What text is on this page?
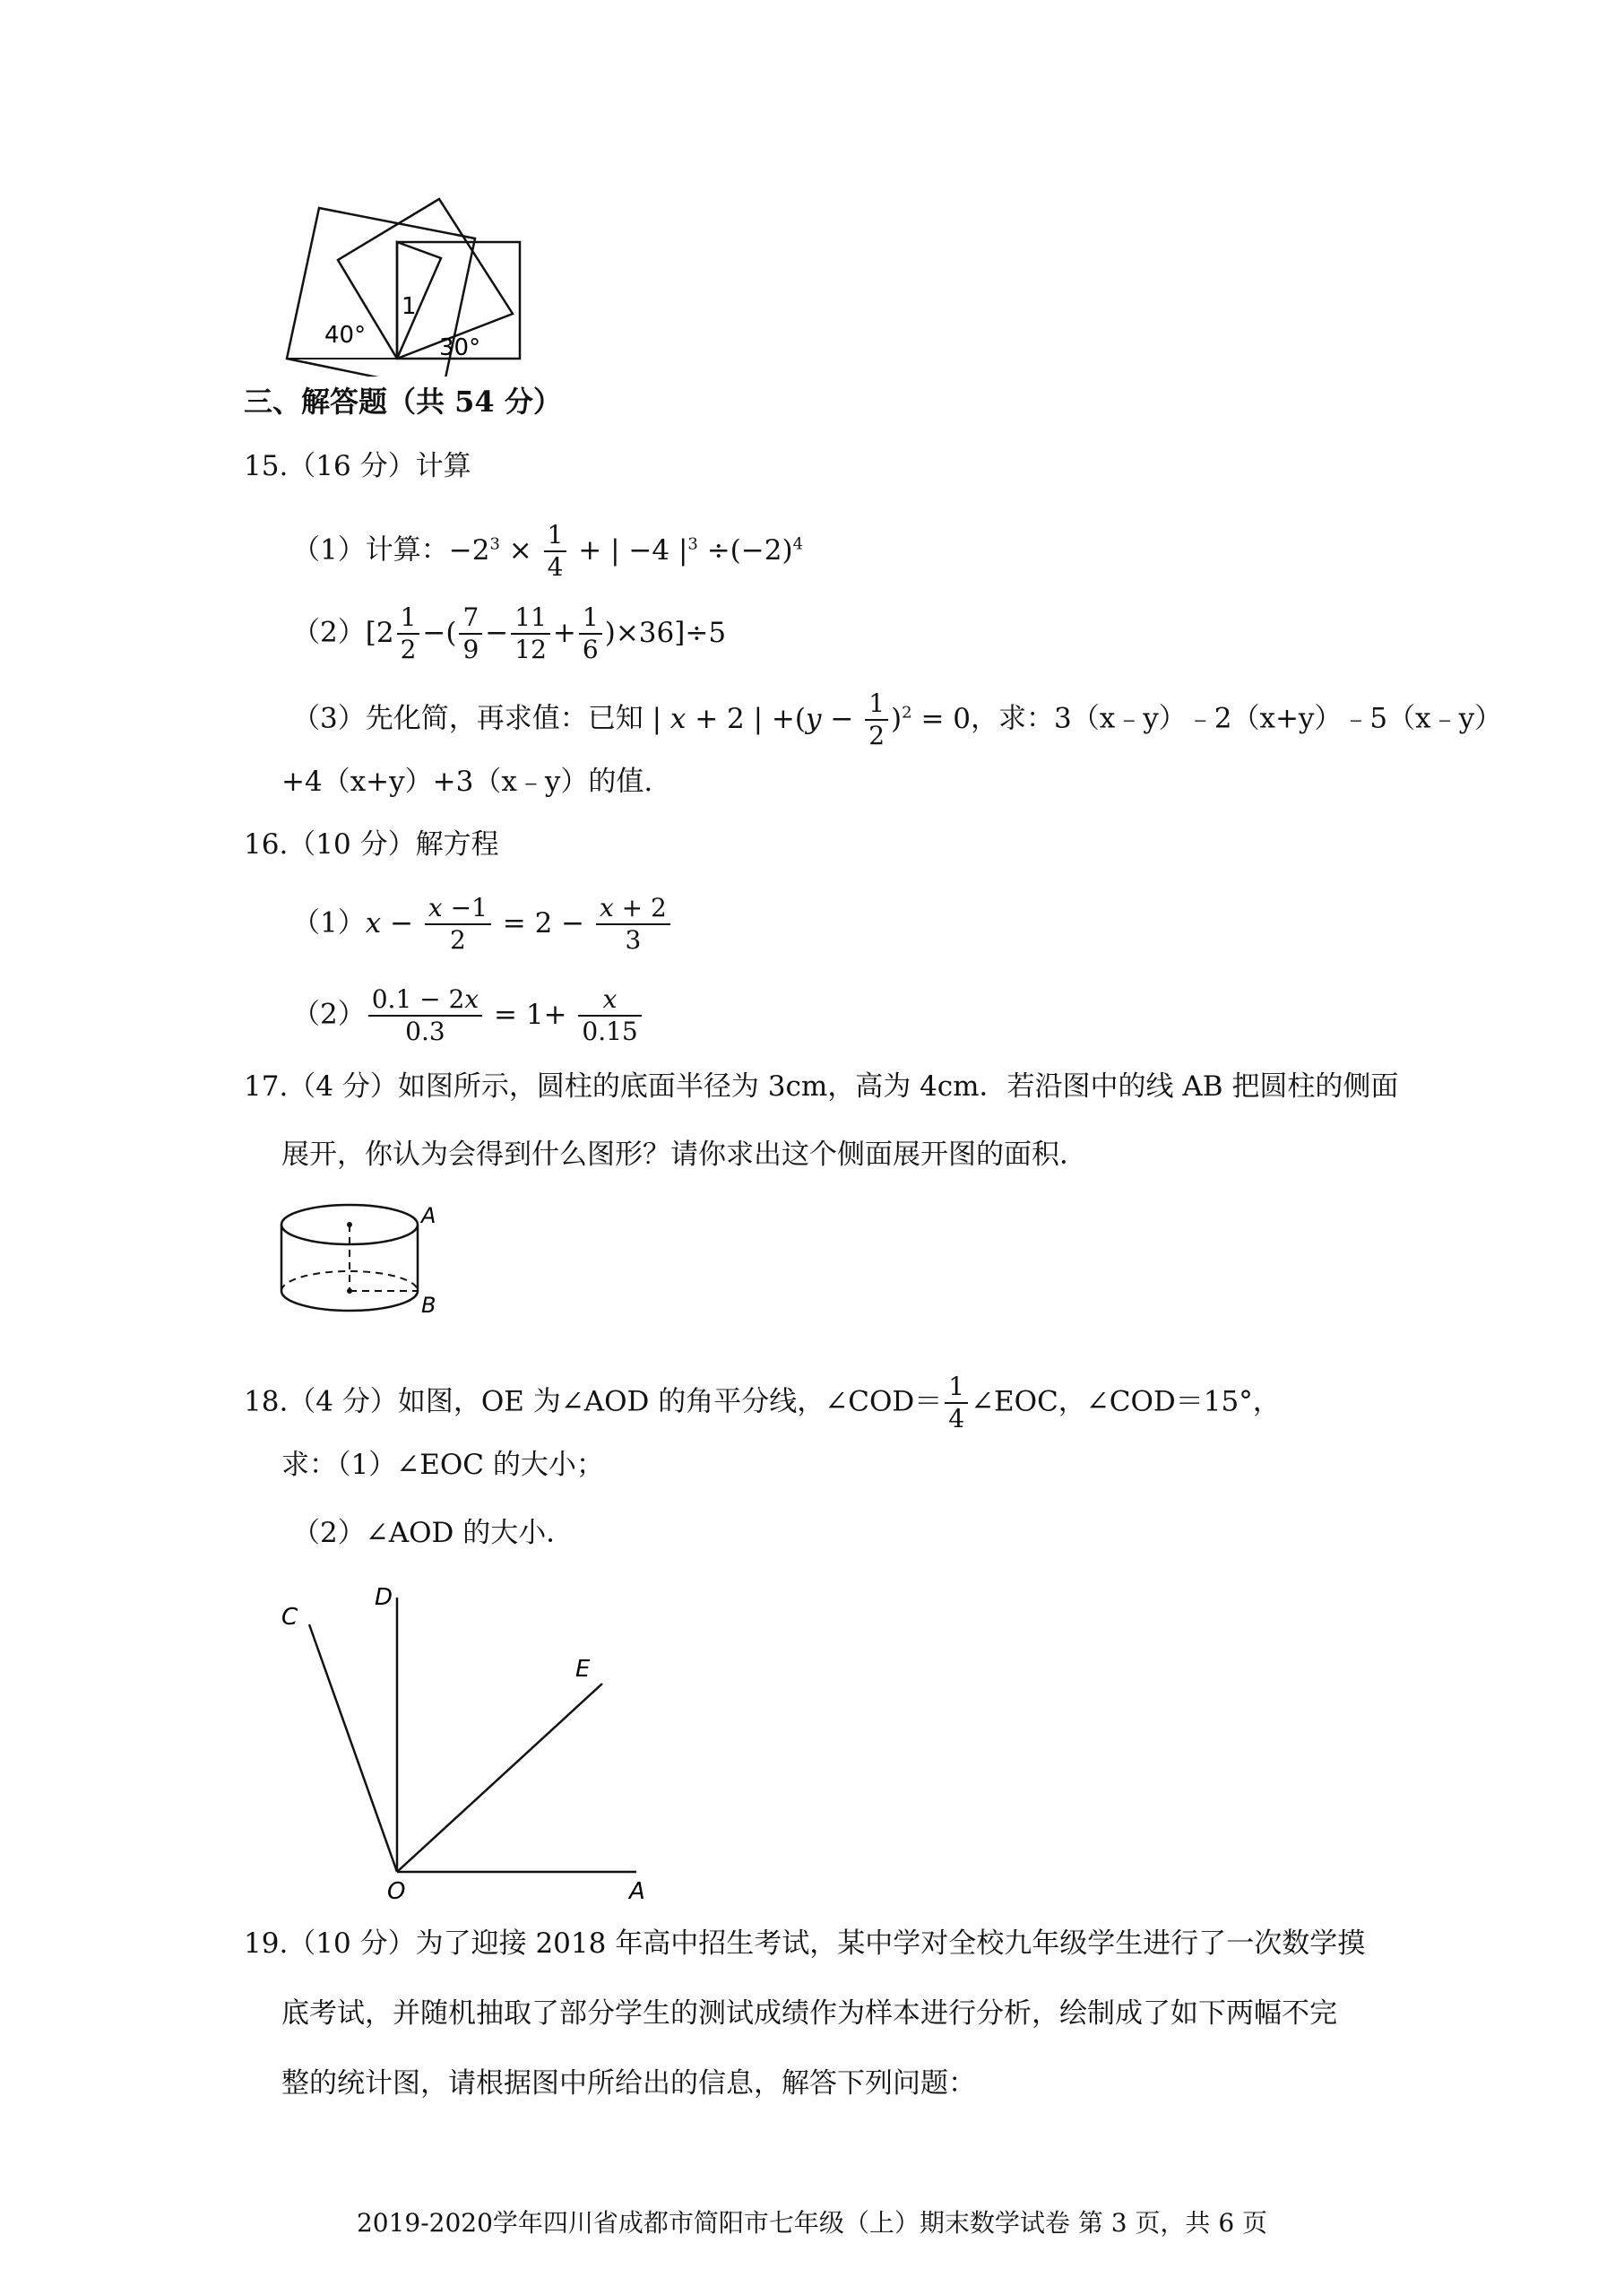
40°
1
30°
三、解答题（共 54 分）
15.（16 分）计算
（1）计算：$-2^3 \times \frac{1}{4}$ + | −4 $|^3 \div(-2)^4$
$(2)[2 \frac{1}{2}$ −( $\frac{7}{9} - \frac{11}{12} + \frac{1}{6} )\times 36]\div 5$
（3）先化简，再求值：已知 | x + 2 | $+(y - \frac{1}{2} )^2 = 0$，求：3（x﹣y）﹣2（x+y）﹣5（x﹣y）
+4（x+y）+3（x﹣y）的值.
16.（10 分）解方程
$(1)x - \frac{x -1}{2} = 2 - \frac{x + 2}{3}$
$(2) \frac{0.1 - 2x}{0.3} = 1+ \frac{x}{0.15}$
17.（4 分）如图所示，圆柱的底面半径为 3cm，高为 4cm．若沿图中的线 AB 把圆柱的侧面
展开，你认为会得到什么图形？请你求出这个侧面展开图的面积．
A
B
18.（4 分）如图，OE 为∠AOD 的角平分线，∠COD＝ $\frac{1}{4}$ ∠EOC，∠COD＝15°，
求：（1）∠EOC 的大小；
（2）∠AOD 的大小．
C
D
E
O	A
19.（10 分）为了迎接 2018 年高中招生考试，某中学对全校九年级学生进行了一次数学摸
底考试，并随机抽取了部分学生的测试成绩作为样本进行分析，绘制成了如下两幅不完
整的统计图，请根据图中所给出的信息，解答下列问题：
2019-2020学年四川省成都市简阳市七年级（上）期末数学试卷 第 3 页，共 6 页
